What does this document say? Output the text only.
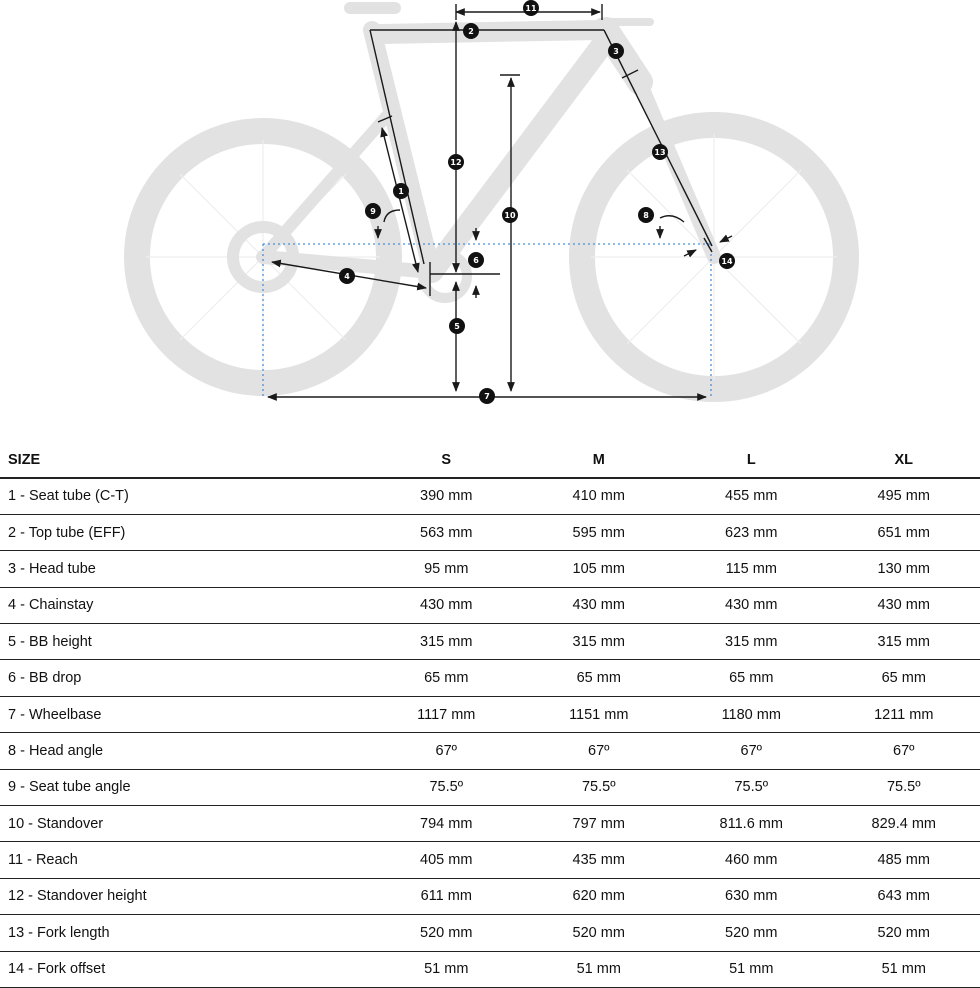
11
2
3
12
13
1
9	10	8
6	14
4
5
7
SIZE	S	M	L	XL
1 - Seat tube (C-T)	390 mm	410 mm	455 mm	495 mm
2 - Top tube (EFF)	563 mm	595 mm	623 mm	651 mm
3 - Head tube	95 mm	105 mm	115 mm	130 mm
4 - Chainstay	430 mm	430 mm	430 mm	430 mm
5 - BB height	315 mm	315 mm	315 mm	315 mm
6 - BB drop	65 mm	65 mm	65 mm	65 mm
7 - Wheelbase	1117 mm	1151 mm	1180 mm	1211 mm
8 - Head angle	67º	67º	67º	67º
9 - Seat tube angle	75.5º	75.5º	75.5º	75.5º
10 - Standover	794 mm	797 mm	811.6 mm	829.4 mm
11 - Reach	405 mm	435 mm	460 mm	485 mm
12 - Standover height	611 mm	620 mm	630 mm	643 mm
13 - Fork length	520 mm	520 mm	520 mm	520 mm
14 - Fork offset	51 mm	51 mm	51 mm	51 mm
